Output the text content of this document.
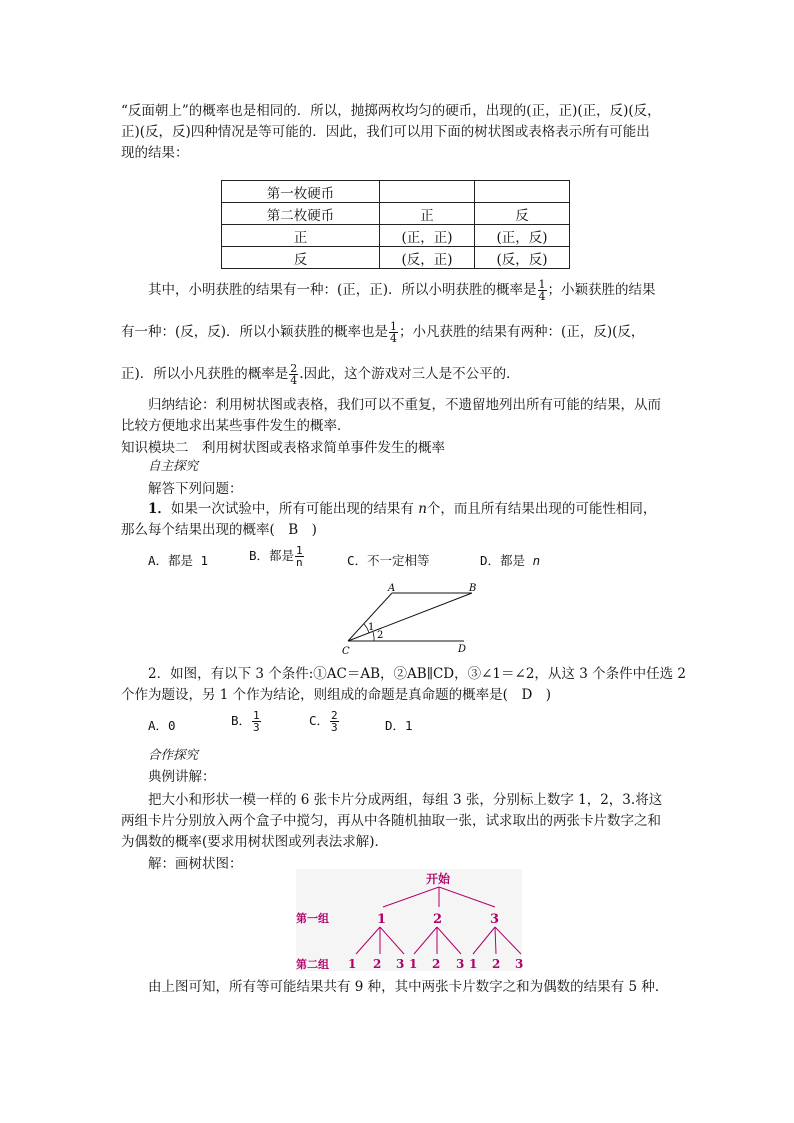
“反面朝上”的概率也是相同的．所以，抛掷两枚均匀的硬币，出现的(正，正)(正，反)(反，
正)(反，反)四种情况是等可能的．因此，我们可以用下面的树状图或表格表示所有可能出
现的结果：
第一枚硬币		
第二枚硬币	正	反
正	(正，正)	(正，反)
反	(反，正)	(反，反)
其中，小明获胜的结果有一种：(正，正)．所以小明获胜的概率是 $\frac{1}{4}$ ；小颖获胜的结果
有一种：(反，反)．所以小颖获胜的概率也是 $\frac{1}{4}$ ；小凡获胜的结果有两种：(正，反)(反，
正)．所以小凡获胜的概率是 $\frac{2}{4}$ .因此，这个游戏对三人是不公平的．
归纳结论：利用树状图或表格，我们可以不重复，不遗留地列出所有可能的结果，从而
比较方便地求出某些事件发生的概率．
知识模块二　利用树状图或表格求简单事件发生的概率
自主探究
解答下列问题：
1．如果一次试验中，所有可能出现的结果有 n个，而且所有结果出现的可能性相同，
那么每个结果出现的概率(　B　)
A．都是 1	B．都是 $\frac{1}{n}$	C．不一定相等	D．都是 n
A	B
C	D
1
2
2．如图，有以下 3 个条件:①AC＝AB，②AB∥CD，③∠1＝∠2，从这 3 个条件中任选 2
个作为题设，另 1 个作为结论，则组成的命题是真命题的概率是(　D　)
A．0	B． $\frac{1}{3}$	C． $\frac{2}{3}$	D．1
合作探究
典例讲解：
把大小和形状一模一样的 6 张卡片分成两组，每组 3 张，分别标上数字 1，2，3.将这
两组卡片分别放入两个盒子中搅匀，再从中各随机抽取一张，试求取出的两张卡片数字之和
为偶数的概率(要求用树状图或列表法求解)．
解：画树状图：
开始
第一组
第二组
1	2	3
1 2 3 1 2 3 1 2 3
由上图可知，所有等可能结果共有 9 种，其中两张卡片数字之和为偶数的结果有 5 种．
